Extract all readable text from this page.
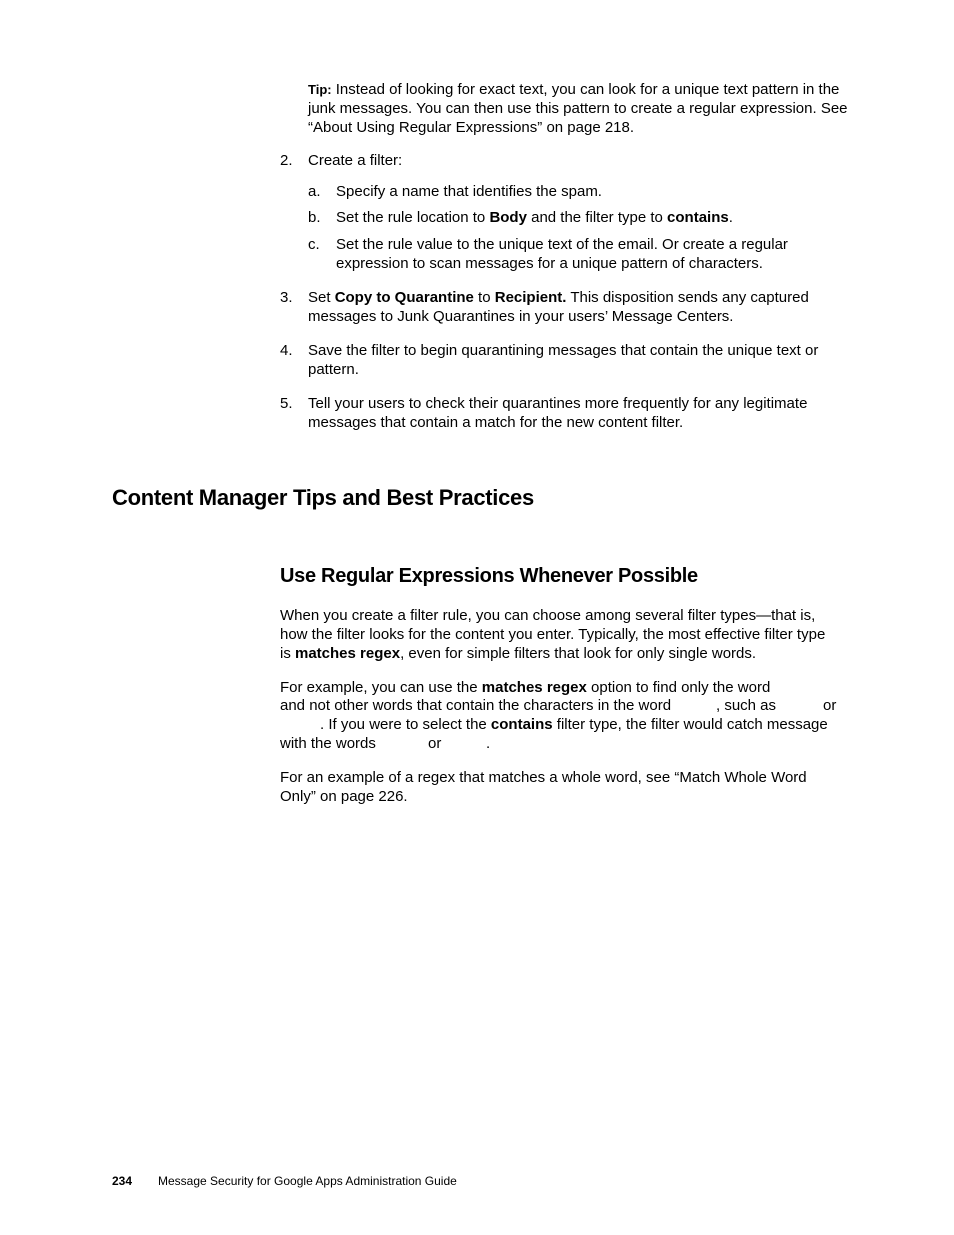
Tip: Instead of looking for exact text, you can look for a unique text pattern in the junk messages. You can then use this pattern to create a regular expression. See “About Using Regular Expressions” on page 218.
2. Create a filter:
a. Specify a name that identifies the spam.
b. Set the rule location to Body and the filter type to contains.
c. Set the rule value to the unique text of the email. Or create a regular expression to scan messages for a unique pattern of characters.
3. Set Copy to Quarantine to Recipient. This disposition sends any captured messages to Junk Quarantines in your users’ Message Centers.
4. Save the filter to begin quarantining messages that contain the unique text or pattern.
5. Tell your users to check their quarantines more frequently for any legitimate messages that contain a match for the new content filter.
Content Manager Tips and Best Practices
Use Regular Expressions Whenever Possible
When you create a filter rule, you can choose among several filter types—that is, how the filter looks for the content you enter. Typically, the most effective filter type is matches regex, even for simple filters that look for only single words.
For example, you can use the matches regex option to find only the word
and not other words that contain the characters in the word	, such as	or
. If you were to select the contains filter type, the filter would catch message
with the words	or	.
For an example of a regex that matches a whole word, see “Match Whole Word Only” on page 226.
234 Message Security for Google Apps Administration Guide
